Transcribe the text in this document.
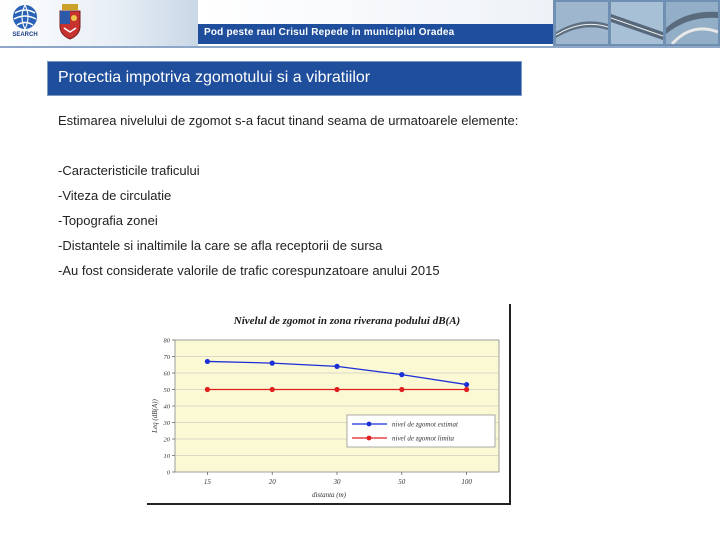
SEARCH	Pod peste raul Crisul Repede in municipiul Oradea
Protectia impotriva zgomotului si a vibratiilor
Estimarea nivelului de zgomot s-a facut tinand seama de urmatoarele elemente:
-Caracteristicile traficului
-Viteza de circulatie
-Topografia zonei
-Distantele si inaltimile la care se afla receptorii de sursa
-Au fost considerate valorile de trafic corespunzatoare anului 2015
Nivelul de zgomot in zona riverana podului dB(A)
0
10
20
30
40
50
60
70
80
15	20	30	50	100
nivel de zgomot estimat
nivel de zgomot limita
distanta (m)
Leq (dB(A))
